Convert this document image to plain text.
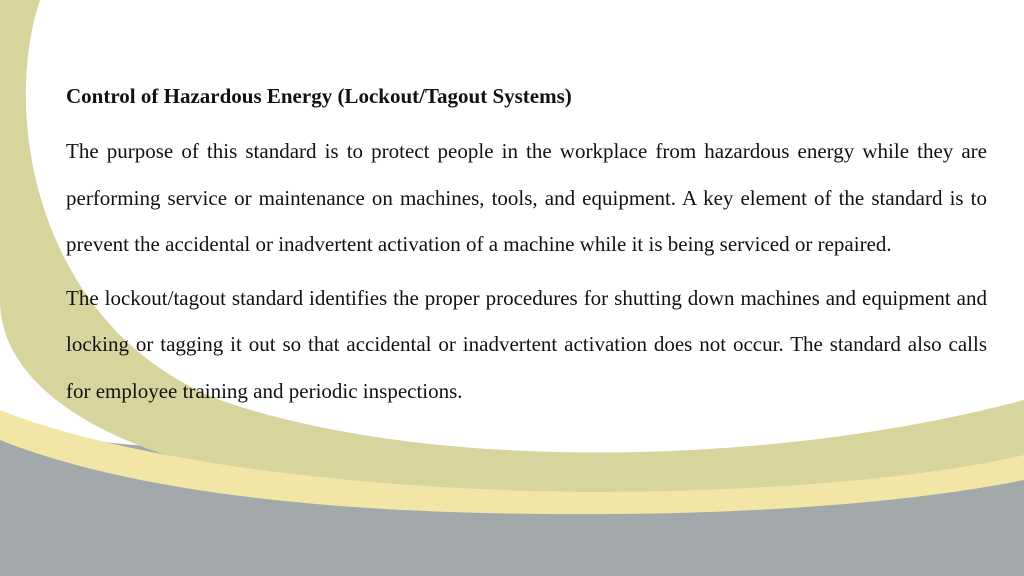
Control of Hazardous Energy (Lockout/Tagout Systems)

The purpose of this standard is to protect people in the workplace from hazardous energy while they are performing service or maintenance on machines, tools, and equipment. A key element of the standard is to prevent the accidental or inadvertent activation of a machine while it is being serviced or repaired.

The lockout/tagout standard identifies the proper procedures for shutting down machines and equipment and locking or tagging it out so that accidental or inadvertent activation does not occur. The standard also calls for employee training and periodic inspections.
